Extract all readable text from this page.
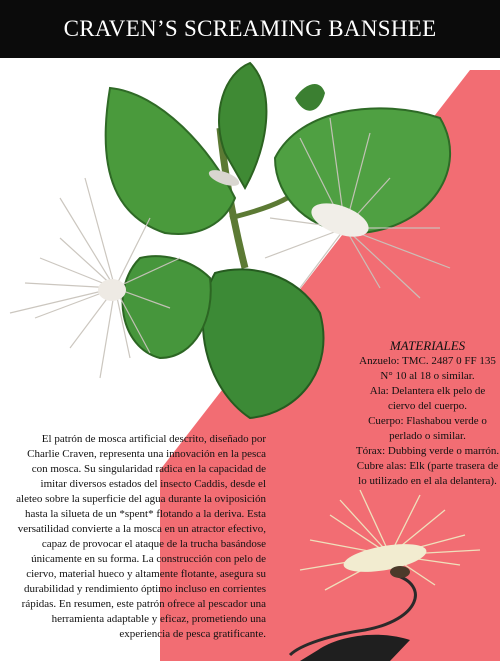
CRAVEN’S SCREAMING BANSHEE

MATERIALES

Anzuelo: TMC. 2487 0 FF 135 N° 10 al 18 o similar.

Ala: Delantera elk pelo de ciervo del cuerpo.

Cuerpo: Flashabou verde o perlado o similar.

Tórax: Dubbing verde o marrón.

Cubre alas: Elk (parte trasera de lo utilizado en el ala delantera).

El patrón de mosca artificial descrito, diseñado por Charlie Craven, representa una innovación en la pesca con mosca. Su singularidad radica en la capacidad de imitar diversos estados del insecto Caddis, desde el aleteo sobre la superficie del agua durante la oviposición hasta la silueta de un *spent* flotando a la deriva. Esta versatilidad convierte a la mosca en un atractor efectivo, capaz de provocar el ataque de la trucha basándose únicamente en su forma. La construcción con pelo de ciervo, material hueco y altamente flotante, asegura su durabilidad y rendimiento óptimo incluso en corrientes rápidas. En resumen, este patrón ofrece al pescador una herramienta adaptable y eficaz, prometiendo una experiencia de pesca gratificante.
